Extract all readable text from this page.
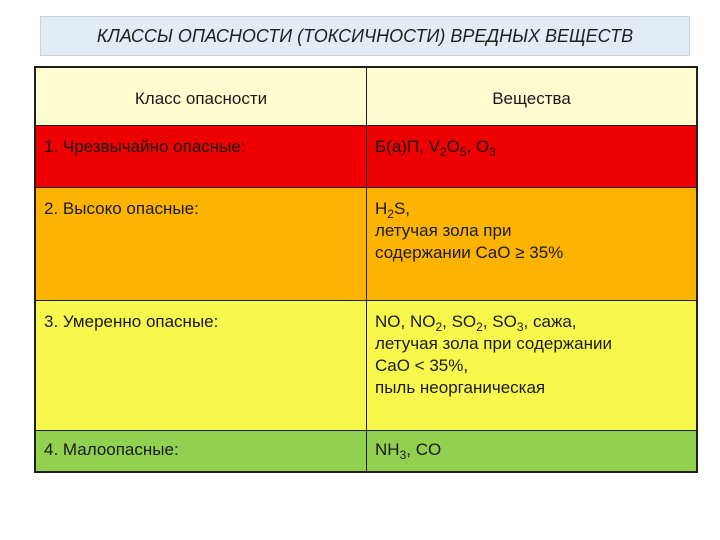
КЛАССЫ ОПАСНОСТИ (ТОКСИЧНОСТИ) ВРЕДНЫХ ВЕЩЕСТВ
Класс опасности	Вещества
1. Чрезвычайно опасные:	Б(а)П, $V_2O_5$, $O_3$
2. Высоко опасные:	$H_2S$,
летучая зола при
содержании CaO ≥ 35%
3. Умеренно опасные:	NO, $NO_2$, $SO_2$, $SO_3$, сажа,
летучая зола при содержании
CaO < 35%,
пыль неорганическая
4. Малоопасные:	$NH_3$, CO
